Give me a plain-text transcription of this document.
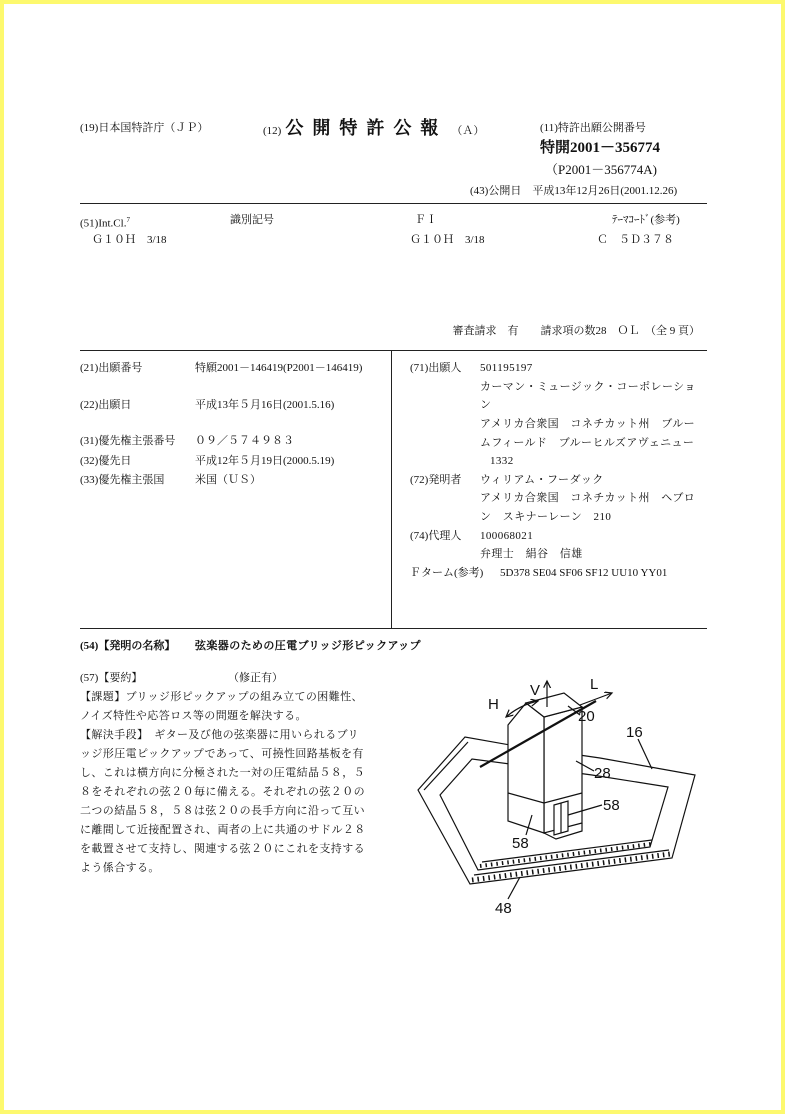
(19)日本国特許庁（ＪＰ）	(12) 公開特許公報 （Ａ）	(11)特許出願公開番号
特開2001－356774
（P2001－356774A)
(43)公開日　平成13年12月26日(2001.12.26)
(51)Int.Cl.$^7$	識別記号	ＦＩ	ﾃｰﾏｺｰﾄﾞ(参考)
Ｇ１０Ｈ　3/18	Ｇ１０Ｈ　3/18	Ｃ　５Ｄ３７８
審査請求　有　　請求項の数28　ＯＬ　（全 9 頁）
(21)出願番号	特願2001－146419(P2001－146419)
(22)出願日	平成13年５月16日(2001.5.16)
(31)優先権主張番号 ０９／５７４９８３
(32)優先日	平成12年５月19日(2000.5.19)
(33)優先権主張国	米国（ＵＳ）
(71)出願人 501195197
カーマン・ミュージック・コーポレーショ
ン
アメリカ合衆国　コネチカット州　ブルー
ムフィールド　ブルーヒルズアヴェニュー
1332
(72)発明者 ウィリアム・フーダック
アメリカ合衆国　コネチカット州　ヘブロ
ン　スキナーレーン　210
(74)代理人 100068021
弁理士　絹谷　信雄
Ｆターム(参考) 5D378 SE04 SF06 SF12 UU10 YY01
(54)【発明の名称】 弦楽器のための圧電ブリッジ形ピックアップ
(57)【要約】	（修正有）
【課題】ブリッジ形ピックアップの組み立ての困難性、
ノイズ特性や応答ロス等の問題を解決する。
【解決手段】　ギター及び他の弦楽器に用いられるブリ
ッジ形圧電ピックアップであって、可撓性回路基板を有
し、これは横方向に分極された一対の圧電結晶５８，５
８をそれぞれの弦２０毎に備える。それぞれの弦２０の
二つの結晶５８，５８は弦２０の長手方向に沿って互い
に離間して近接配置され、両者の上に共通のサドル２８
を載置させて支持し、関連する弦２０にこれを支持する
よう係合する。
V	L
H
20
16
28
58
58
48
